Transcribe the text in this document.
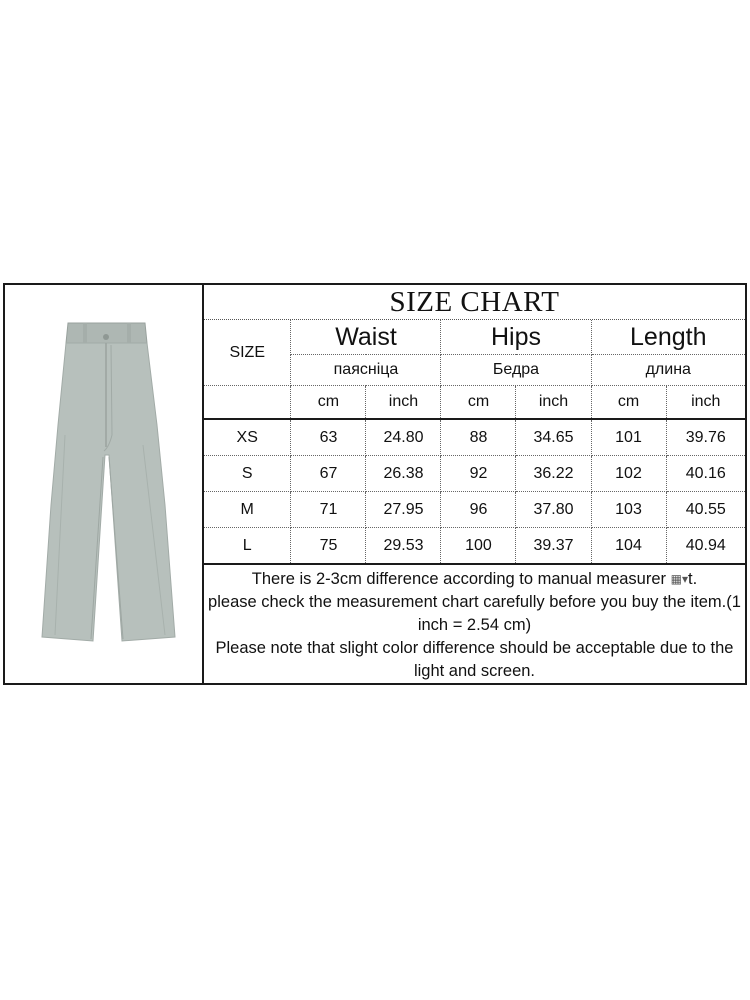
SIZE CHART
SIZE	Waist		Hips		Length	
	паясніца		Бедра		длина	
	cm	inch	cm	inch	cm	inch
XS	63	24.80	88	34.65	101	39.76
S	67	26.38	92	36.22	102	40.16
M	71	27.95	96	37.80	103	40.55
L	75	29.53	100	39.37	104	40.94

There is 2-3cm difference according to manual measurer ▦▾t.

please check the measurement chart carefully before you buy the item.(1 inch = 2.54 cm)

Please note that slight color difference should be acceptable due to the light and screen.
